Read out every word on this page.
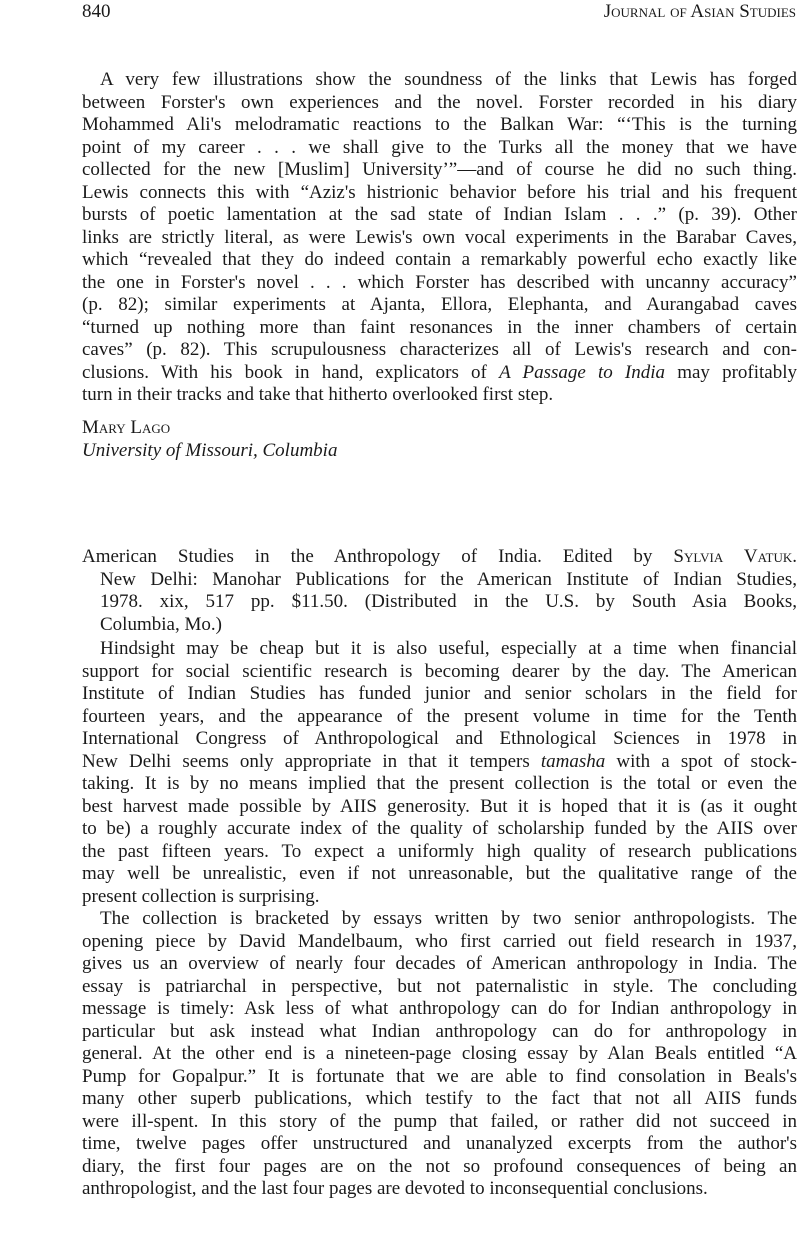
840	Journal of Asian Studies
A very few illustrations show the soundness of the links that Lewis has forged
between Forster's own experiences and the novel. Forster recorded in his diary
Mohammed Ali's melodramatic reactions to the Balkan War: “‘This is the turning
point of my career . . . we shall give to the Turks all the money that we have
collected for the new [Muslim] University’”—and of course he did no such thing.
Lewis connects this with “Aziz's histrionic behavior before his trial and his frequent
bursts of poetic lamentation at the sad state of Indian Islam . . .” (p. 39). Other
links are strictly literal, as were Lewis's own vocal experiments in the Barabar Caves,
which “revealed that they do indeed contain a remarkably powerful echo exactly like
the one in Forster's novel . . . which Forster has described with uncanny accuracy”
(p. 82); similar experiments at Ajanta, Ellora, Elephanta, and Aurangabad caves
“turned up nothing more than faint resonances in the inner chambers of certain
caves” (p. 82). This scrupulousness characterizes all of Lewis's research and con-
clusions. With his book in hand, explicators of A Passage to India may profitably
turn in their tracks and take that hitherto overlooked first step.
Mary Lago
University of Missouri, Columbia
American Studies in the Anthropology of India. Edited by Sylvia Vatuk.
New Delhi: Manohar Publications for the American Institute of Indian Studies,
1978. xix, 517 pp. $11.50. (Distributed in the U.S. by South Asia Books,
Columbia, Mo.)
Hindsight may be cheap but it is also useful, especially at a time when financial
support for social scientific research is becoming dearer by the day. The American
Institute of Indian Studies has funded junior and senior scholars in the field for
fourteen years, and the appearance of the present volume in time for the Tenth
International Congress of Anthropological and Ethnological Sciences in 1978 in
New Delhi seems only appropriate in that it tempers tamasha with a spot of stock-
taking. It is by no means implied that the present collection is the total or even the
best harvest made possible by AIIS generosity. But it is hoped that it is (as it ought
to be) a roughly accurate index of the quality of scholarship funded by the AIIS over
the past fifteen years. To expect a uniformly high quality of research publications
may well be unrealistic, even if not unreasonable, but the qualitative range of the
present collection is surprising.
The collection is bracketed by essays written by two senior anthropologists. The
opening piece by David Mandelbaum, who first carried out field research in 1937,
gives us an overview of nearly four decades of American anthropology in India. The
essay is patriarchal in perspective, but not paternalistic in style. The concluding
message is timely: Ask less of what anthropology can do for Indian anthropology in
particular but ask instead what Indian anthropology can do for anthropology in
general. At the other end is a nineteen-page closing essay by Alan Beals entitled “A
Pump for Gopalpur.” It is fortunate that we are able to find consolation in Beals's
many other superb publications, which testify to the fact that not all AIIS funds
were ill-spent. In this story of the pump that failed, or rather did not succeed in
time, twelve pages offer unstructured and unanalyzed excerpts from the author's
diary, the first four pages are on the not so profound consequences of being an
anthropologist, and the last four pages are devoted to inconsequential conclusions.
